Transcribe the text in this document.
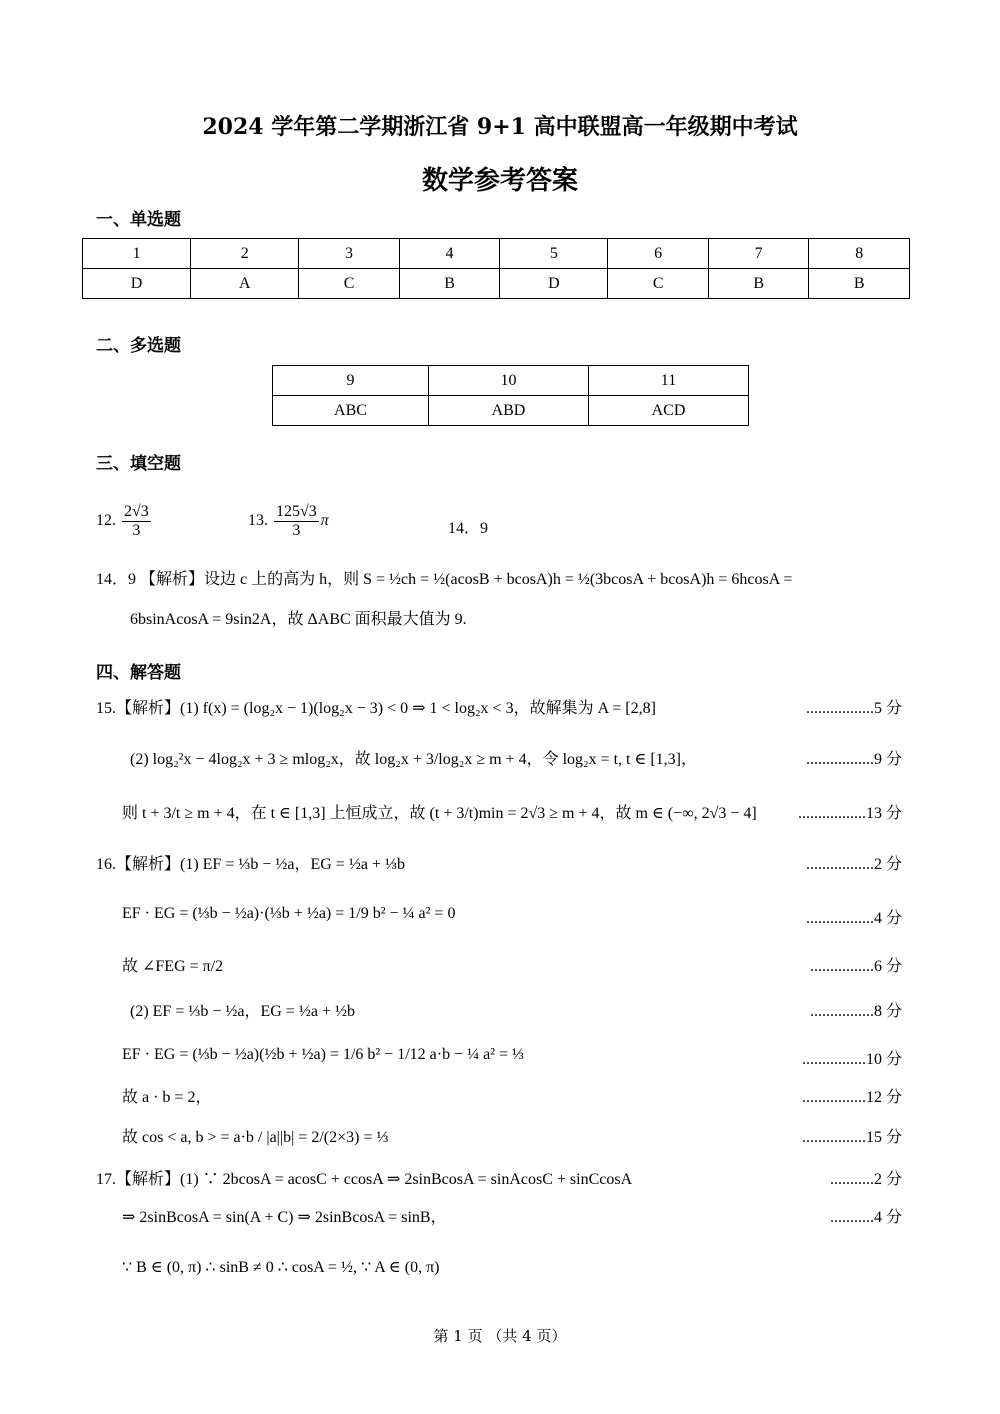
2024 学年第二学期浙江省 9+1 高中联盟高一年级期中考试
数学参考答案
一、单选题
1	2	3	4	5	6	7	8
D	A	C	B	D	C	B	B
二、多选题
9	10	11
ABC	ABD	ACD
三、填空题
12. $\frac{2√3}{3}$	13. $\frac{125√3}{3}$ π	14．9
14．9 【解析】设边 c 上的高为 h，则 S = ½ch = ½(acosB + bcosA)h = ½(3bcosA + bcosA)h = 6hcosA =
6bsinAcosA = 9sin2A，故 ΔABC 面积最大值为 9.
四、解答题
15.【解析】(1) f(x) = (log₂x − 1)(log₂x − 3) < 0 ⇒ 1 < log₂x < 3，故解集为 A = [2,8]	.................5 分
(2) log₂²x − 4log₂x + 3 ≥ mlog₂x，故 log₂x + 3/log₂x ≥ m + 4，令 log₂x = t, t ∈ [1,3]，	.................9 分
则 t + 3/t ≥ m + 4，在 t ∈ [1,3] 上恒成立，故 (t + 3/t)min = 2√3 ≥ m + 4，故 m ∈ (−∞, 2√3 − 4]	.................13 分
16.【解析】(1) EF = ⅓b − ½a，EG = ½a + ⅓b	.................2 分
EF · EG = (⅓b − ½a)·(⅓b + ½a) = 1/9 b² − ¼ a² = 0	.................4 分
故 ∠FEG = π/2	................6 分
(2) EF = ⅓b − ½a，EG = ½a + ½b	................8 分
EF · EG = (⅓b − ½a)(½b + ½a) = 1/6 b² − 1/12 a·b − ¼ a² = ⅓	................10 分
故 a · b = 2，	................12 分
故 cos < a, b > = a·b / |a||b| = 2/(2×3) = ⅓	................15 分
17.【解析】(1) ∵ 2bcosA = acosC + ccosA ⇒ 2sinBcosA = sinAcosC + sinCcosA	...........2 分
⇒ 2sinBcosA = sin(A + C) ⇒ 2sinBcosA = sinB，	...........4 分
∵ B ∈ (0, π) ∴ sinB ≠ 0 ∴ cosA = ½, ∵ A ∈ (0, π)
第 1 页 （共 4 页）
